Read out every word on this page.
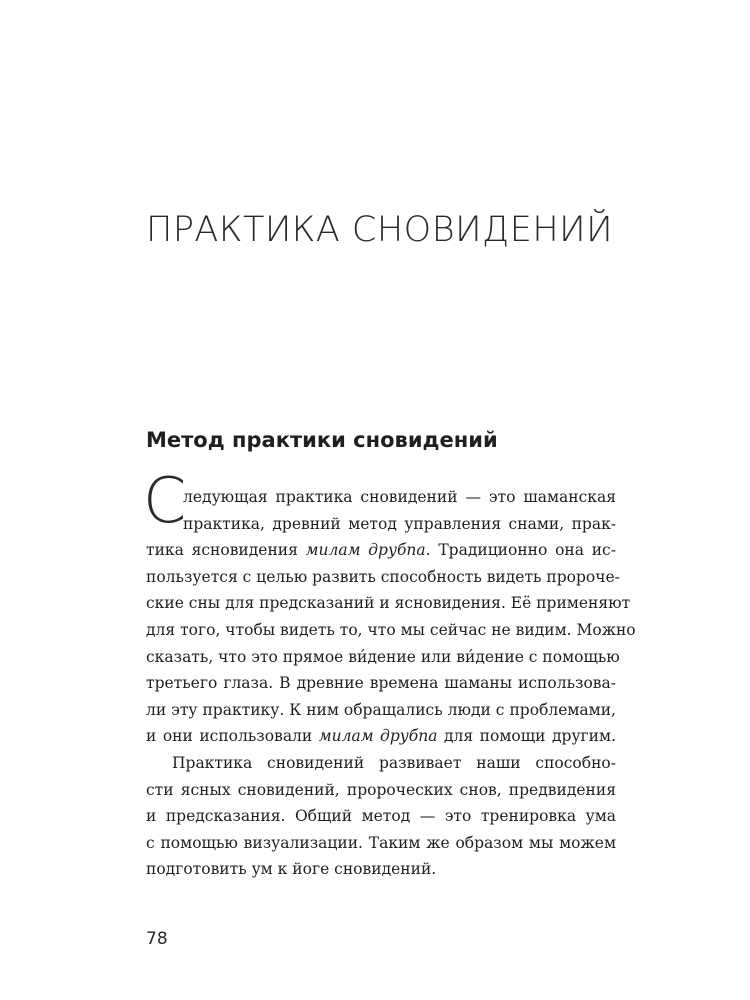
ПРАКТИКА СНОВИДЕНИЙ
Метод практики сновидений
С
ледующая практика сновидений — это шаманская
практика, древний метод управления снами, прак-
тика ясновидения милам друбпа. Традиционно она ис-
пользуется с целью развить способность видеть пророче-
ские сны для предсказаний и ясновидения. Её применяют
для того, чтобы видеть то, что мы сейчас не видим. Можно
сказать, что это прямое ви́дение или ви́дение с помощью
третьего глаза. В древние времена шаманы использова-
ли эту практику. К ним обращались люди с проблемами,
и они использовали милам друбпа для помощи другим.
Практика сновидений развивает наши способно-
сти ясных сновидений, пророческих снов, предвидения
и предсказания. Общий метод — это тренировка ума
с помощью визуализации. Таким же образом мы можем
подготовить ум к йоге сновидений.
78
